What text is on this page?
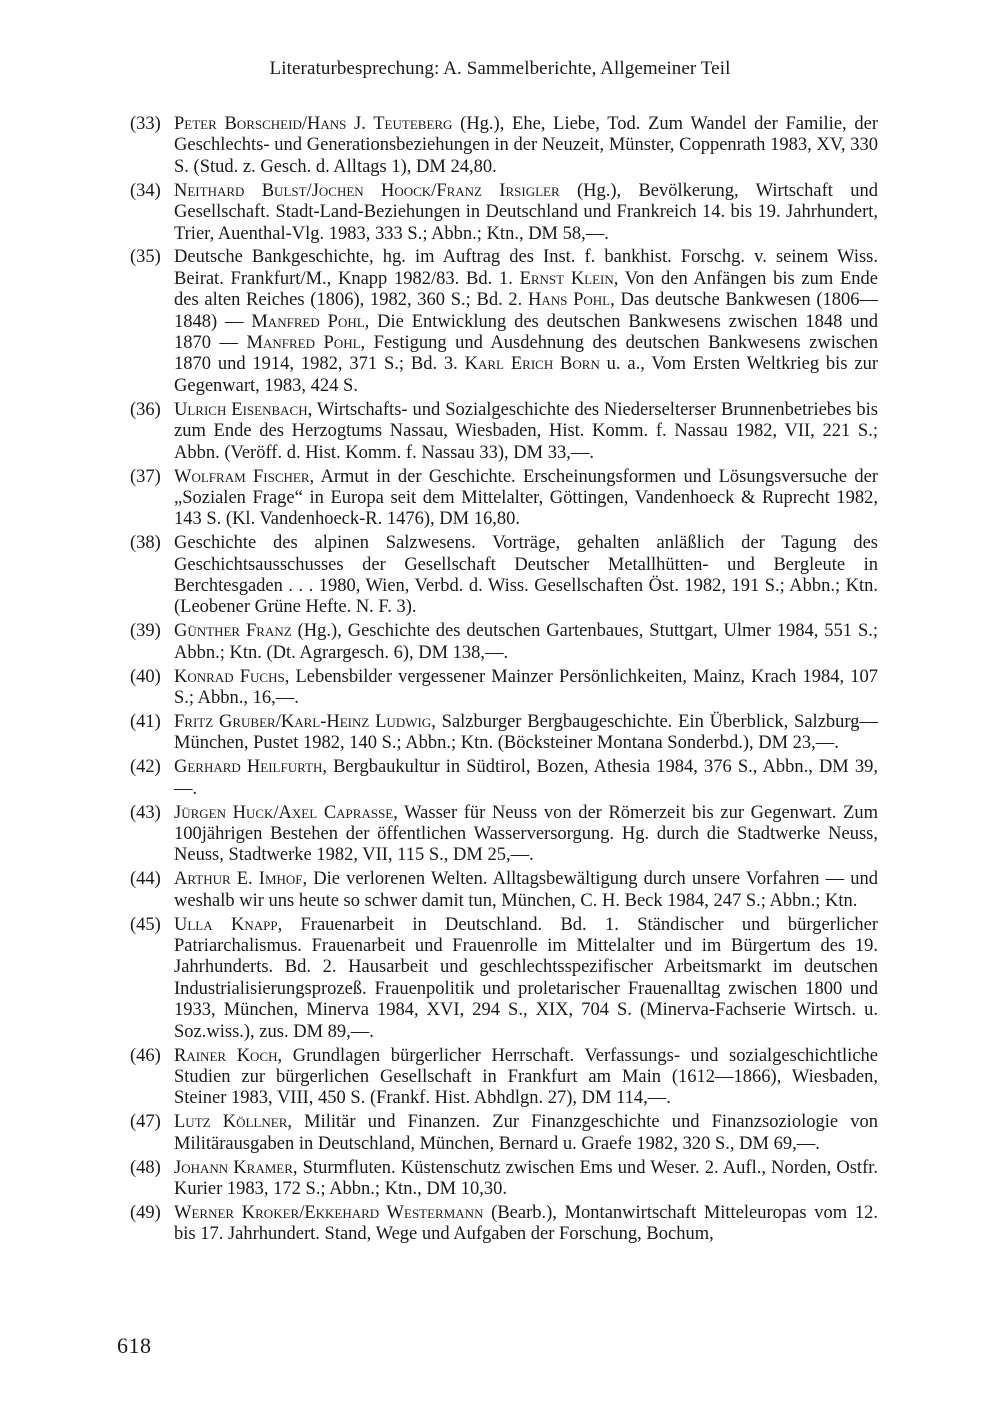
Literaturbesprechung: A. Sammelberichte, Allgemeiner Teil
(33) Peter Borscheid/Hans J. Teuteberg (Hg.), Ehe, Liebe, Tod. Zum Wandel der Familie, der Geschlechts- und Generationsbeziehungen in der Neuzeit, Münster, Coppenrath 1983, XV, 330 S. (Stud. z. Gesch. d. Alltags 1), DM 24,80.
(34) Neithard Bulst/Jochen Hoock/Franz Irsigler (Hg.), Bevölkerung, Wirtschaft und Gesellschaft. Stadt-Land-Beziehungen in Deutschland und Frankreich 14. bis 19. Jahrhundert, Trier, Auenthal-Vlg. 1983, 333 S.; Abbn.; Ktn., DM 58,—.
(35) Deutsche Bankgeschichte, hg. im Auftrag des Inst. f. bankhist. Forschg. v. seinem Wiss. Beirat. Frankfurt/M., Knapp 1982/83. Bd. 1. Ernst Klein, Von den Anfängen bis zum Ende des alten Reiches (1806), 1982, 360 S.; Bd. 2. Hans Pohl, Das deutsche Bankwesen (1806—1848) — Manfred Pohl, Die Entwicklung des deutschen Bankwesens zwischen 1848 und 1870 — Manfred Pohl, Festigung und Ausdehnung des deutschen Bankwesens zwischen 1870 und 1914, 1982, 371 S.; Bd. 3. Karl Erich Born u. a., Vom Ersten Weltkrieg bis zur Gegenwart, 1983, 424 S.
(36) Ulrich Eisenbach, Wirtschafts- und Sozialgeschichte des Niederselterser Brunnenbetriebes bis zum Ende des Herzogtums Nassau, Wiesbaden, Hist. Komm. f. Nassau 1982, VII, 221 S.; Abbn. (Veröff. d. Hist. Komm. f. Nassau 33), DM 33,—.
(37) Wolfram Fischer, Armut in der Geschichte. Erscheinungsformen und Lösungsversuche der „Sozialen Frage“ in Europa seit dem Mittelalter, Göttingen, Vandenhoeck & Ruprecht 1982, 143 S. (Kl. Vandenhoeck-R. 1476), DM 16,80.
(38) Geschichte des alpinen Salzwesens. Vorträge, gehalten anläßlich der Tagung des Geschichtsausschusses der Gesellschaft Deutscher Metallhütten- und Bergleute in Berchtesgaden . . . 1980, Wien, Verbd. d. Wiss. Gesellschaften Öst. 1982, 191 S.; Abbn.; Ktn. (Leobener Grüne Hefte. N. F. 3).
(39) Günther Franz (Hg.), Geschichte des deutschen Gartenbaues, Stuttgart, Ulmer 1984, 551 S.; Abbn.; Ktn. (Dt. Agrargesch. 6), DM 138,—.
(40) Konrad Fuchs, Lebensbilder vergessener Mainzer Persönlichkeiten, Mainz, Krach 1984, 107 S.; Abbn., 16,—.
(41) Fritz Gruber/Karl-Heinz Ludwig, Salzburger Bergbaugeschichte. Ein Überblick, Salzburg—München, Pustet 1982, 140 S.; Abbn.; Ktn. (Böcksteiner Montana Sonderbd.), DM 23,—.
(42) Gerhard Heilfurth, Bergbaukultur in Südtirol, Bozen, Athesia 1984, 376 S., Abbn., DM 39,—.
(43) Jürgen Huck/Axel Caprasse, Wasser für Neuss von der Römerzeit bis zur Gegenwart. Zum 100jährigen Bestehen der öffentlichen Wasserversorgung. Hg. durch die Stadtwerke Neuss, Neuss, Stadtwerke 1982, VII, 115 S., DM 25,—.
(44) Arthur E. Imhof, Die verlorenen Welten. Alltagsbewältigung durch unsere Vorfahren — und weshalb wir uns heute so schwer damit tun, München, C. H. Beck 1984, 247 S.; Abbn.; Ktn.
(45) Ulla Knapp, Frauenarbeit in Deutschland. Bd. 1. Ständischer und bürgerlicher Patriarchalismus. Frauenarbeit und Frauenrolle im Mittelalter und im Bürgertum des 19. Jahrhunderts. Bd. 2. Hausarbeit und geschlechtsspezifischer Arbeitsmarkt im deutschen Industrialisierungsprozeß. Frauenpolitik und proletarischer Frauenalltag zwischen 1800 und 1933, München, Minerva 1984, XVI, 294 S., XIX, 704 S. (Minerva-Fachserie Wirtsch. u. Soz.wiss.), zus. DM 89,—.
(46) Rainer Koch, Grundlagen bürgerlicher Herrschaft. Verfassungs- und sozialgeschichtliche Studien zur bürgerlichen Gesellschaft in Frankfurt am Main (1612—1866), Wiesbaden, Steiner 1983, VIII, 450 S. (Frankf. Hist. Abhdlgn. 27), DM 114,—.
(47) Lutz Köllner, Militär und Finanzen. Zur Finanzgeschichte und Finanzsoziologie von Militärausgaben in Deutschland, München, Bernard u. Graefe 1982, 320 S., DM 69,—.
(48) Johann Kramer, Sturmfluten. Küstenschutz zwischen Ems und Weser. 2. Aufl., Norden, Ostfr. Kurier 1983, 172 S.; Abbn.; Ktn., DM 10,30.
(49) Werner Kroker/Ekkehard Westermann (Bearb.), Montanwirtschaft Mitteleuropas vom 12. bis 17. Jahrhundert. Stand, Wege und Aufgaben der Forschung, Bochum,
618
